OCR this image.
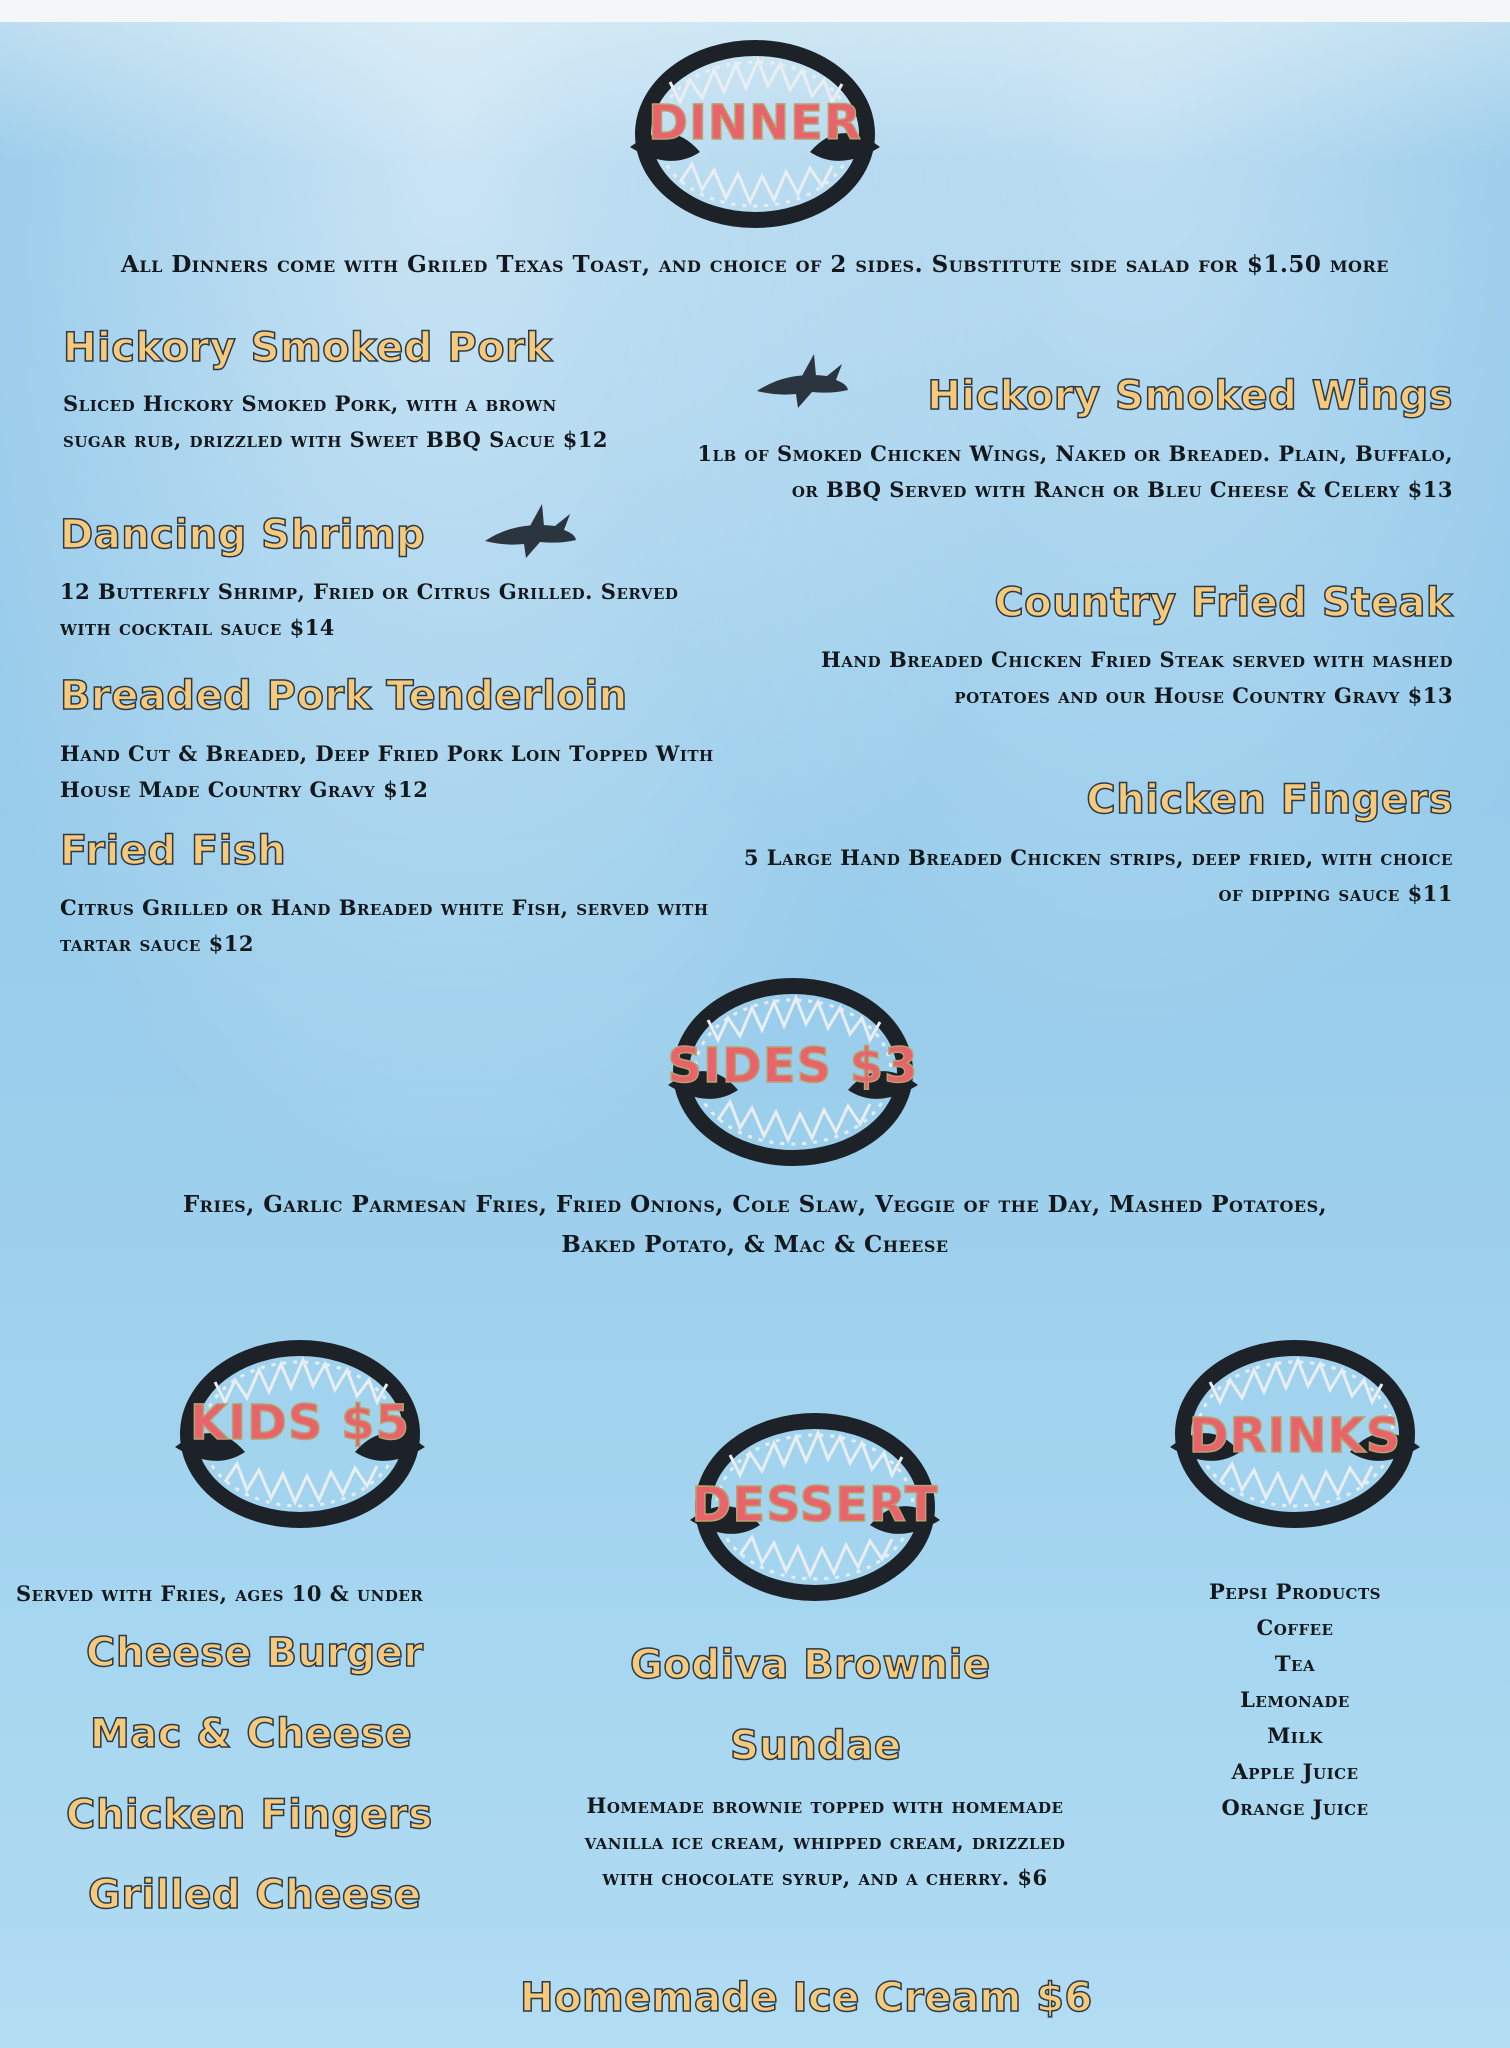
DINNER
All Dinners come with Griled Texas Toast, and choice of 2 sides. Substitute side salad for $1.50 more
Hickory Smoked Pork
Sliced Hickory Smoked Pork, with a brown sugar rub, drizzled with Sweet BBQ Sacue $12
Dancing Shrimp
12 Butterfly Shrimp, Fried or Citrus Grilled. Served with cocktail sauce $14
Breaded Pork Tenderloin
Hand Cut & Breaded, Deep Fried Pork Loin Topped With House Made Country Gravy $12
Fried Fish
Citrus Grilled or Hand Breaded white Fish, served with tartar sauce $12
Hickory Smoked Wings
1lb of Smoked Chicken Wings, Naked or Breaded. Plain, Buffalo, or BBQ Served with Ranch or Bleu Cheese & Celery $13
Country Fried Steak
Hand Breaded Chicken Fried Steak served with mashed potatoes and our House Country Gravy $13
Chicken Fingers
5 Large Hand Breaded Chicken strips, deep fried, with choice of dipping sauce $11
SIDES $3
Fries, Garlic Parmesan Fries, Fried Onions, Cole Slaw, Veggie of the Day, Mashed Potatoes, Baked Potato, & Mac & Cheese
KIDS $5
Served with Fries, ages 10 & under
Cheese Burger
Mac & Cheese
Chicken Fingers
Grilled Cheese
DESSERT
Godiva Brownie
Sundae
Homemade brownie topped with homemade vanilla ice cream, whipped cream, drizzled with chocolate syrup, and a cherry. $6
Homemade Ice Cream $6
DRINKS
Pepsi Products
Coffee
Tea
Lemonade
Milk
Apple Juice
Orange Juice
